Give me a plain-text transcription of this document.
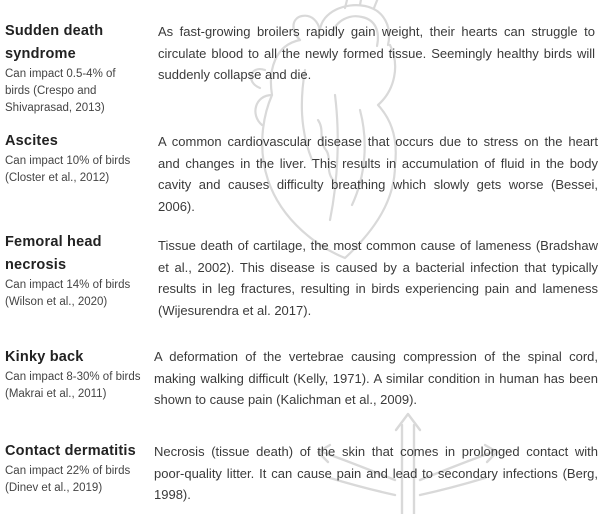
Sudden death syndrome
Can impact 0.5-4% of birds (Crespo and Shivaprasad, 2013)
As fast-growing broilers rapidly gain weight, their hearts can struggle to circulate blood to all the newly formed tissue. Seemingly healthy birds will suddenly collapse and die.
Ascites
Can impact 10% of birds (Closter et al., 2012)
A common cardiovascular disease that occurs due to stress on the heart and changes in the liver. This results in accumulation of fluid in the body cavity and causes difficulty breathing which slowly gets worse (Bessei, 2006).
Femoral head necrosis
Can impact 14% of birds (Wilson et al., 2020)
Tissue death of cartilage, the most common cause of lameness (Bradshaw et al., 2002). This disease is caused by a bacterial infection that typically results in leg fractures, resulting in birds experiencing pain and lameness (Wijesurendra et al. 2017).
Kinky back
Can impact 8-30% of birds (Makrai et al., 2011)
A deformation of the vertebrae causing compression of the spinal cord, making walking difficult (Kelly, 1971). A similar condition in human has been shown to cause pain (Kalichman et al., 2009).
Contact dermatitis
Can impact 22% of birds (Dinev et al., 2019)
Necrosis (tissue death) of the skin that comes in prolonged contact with poor-quality litter. It can cause pain and lead to secondary infections (Berg, 1998).
